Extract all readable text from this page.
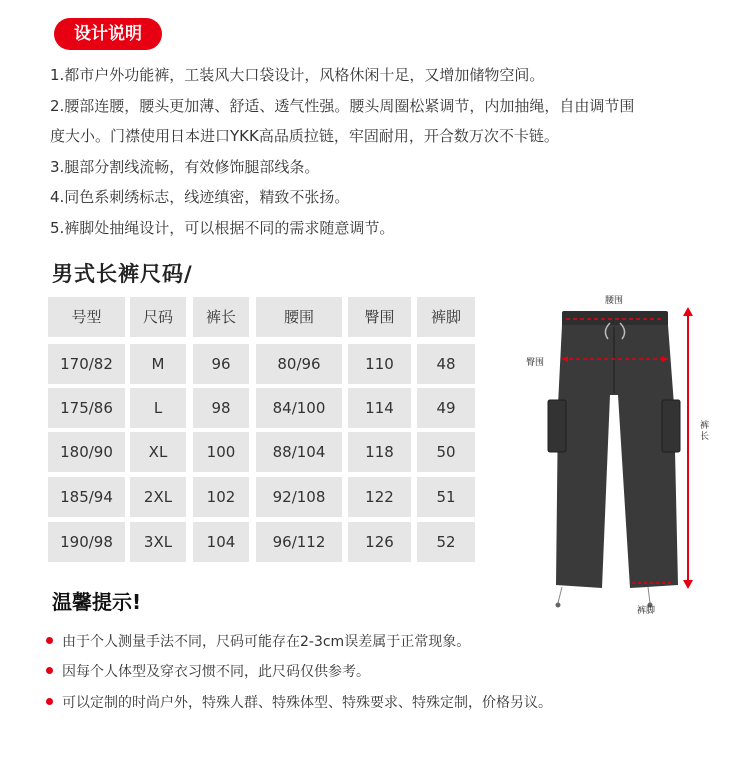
设计说明

1.都市户外功能裤，工装风大口袋设计，风格休闲十足，又增加储物空间。

2.腰部连腰，腰头更加薄、舒适、透气性强。腰头周圈松紧调节，内加抽绳，自由调节围

度大小。门襟使用日本进口YKK高品质拉链，牢固耐用，开合数万次不卡链。

3.腿部分割线流畅，有效修饰腿部线条。

4.同色系刺绣标志，线迹缜密，精致不张扬。

5.裤脚处抽绳设计，可以根据不同的需求随意调节。

男式长裤尺码/
号型	尺码	裤长	腰围	臀围	裤脚
170/82	M	96	80/96	110	48
175/86	L	98	84/100	114	49
180/90	XL	100	88/104	118	50
185/94	2XL	102	92/108	122	51
190/98	3XL	104	96/112	126	52
腰围
臀围
裤长
裤脚
温馨提示!
由于个人测量手法不同，尺码可能存在2-3cm误差属于正常现象。
因每个人体型及穿衣习惯不同，此尺码仅供参考。
可以定制的时尚户外，特殊人群、特殊体型、特殊要求、特殊定制，价格另议。
